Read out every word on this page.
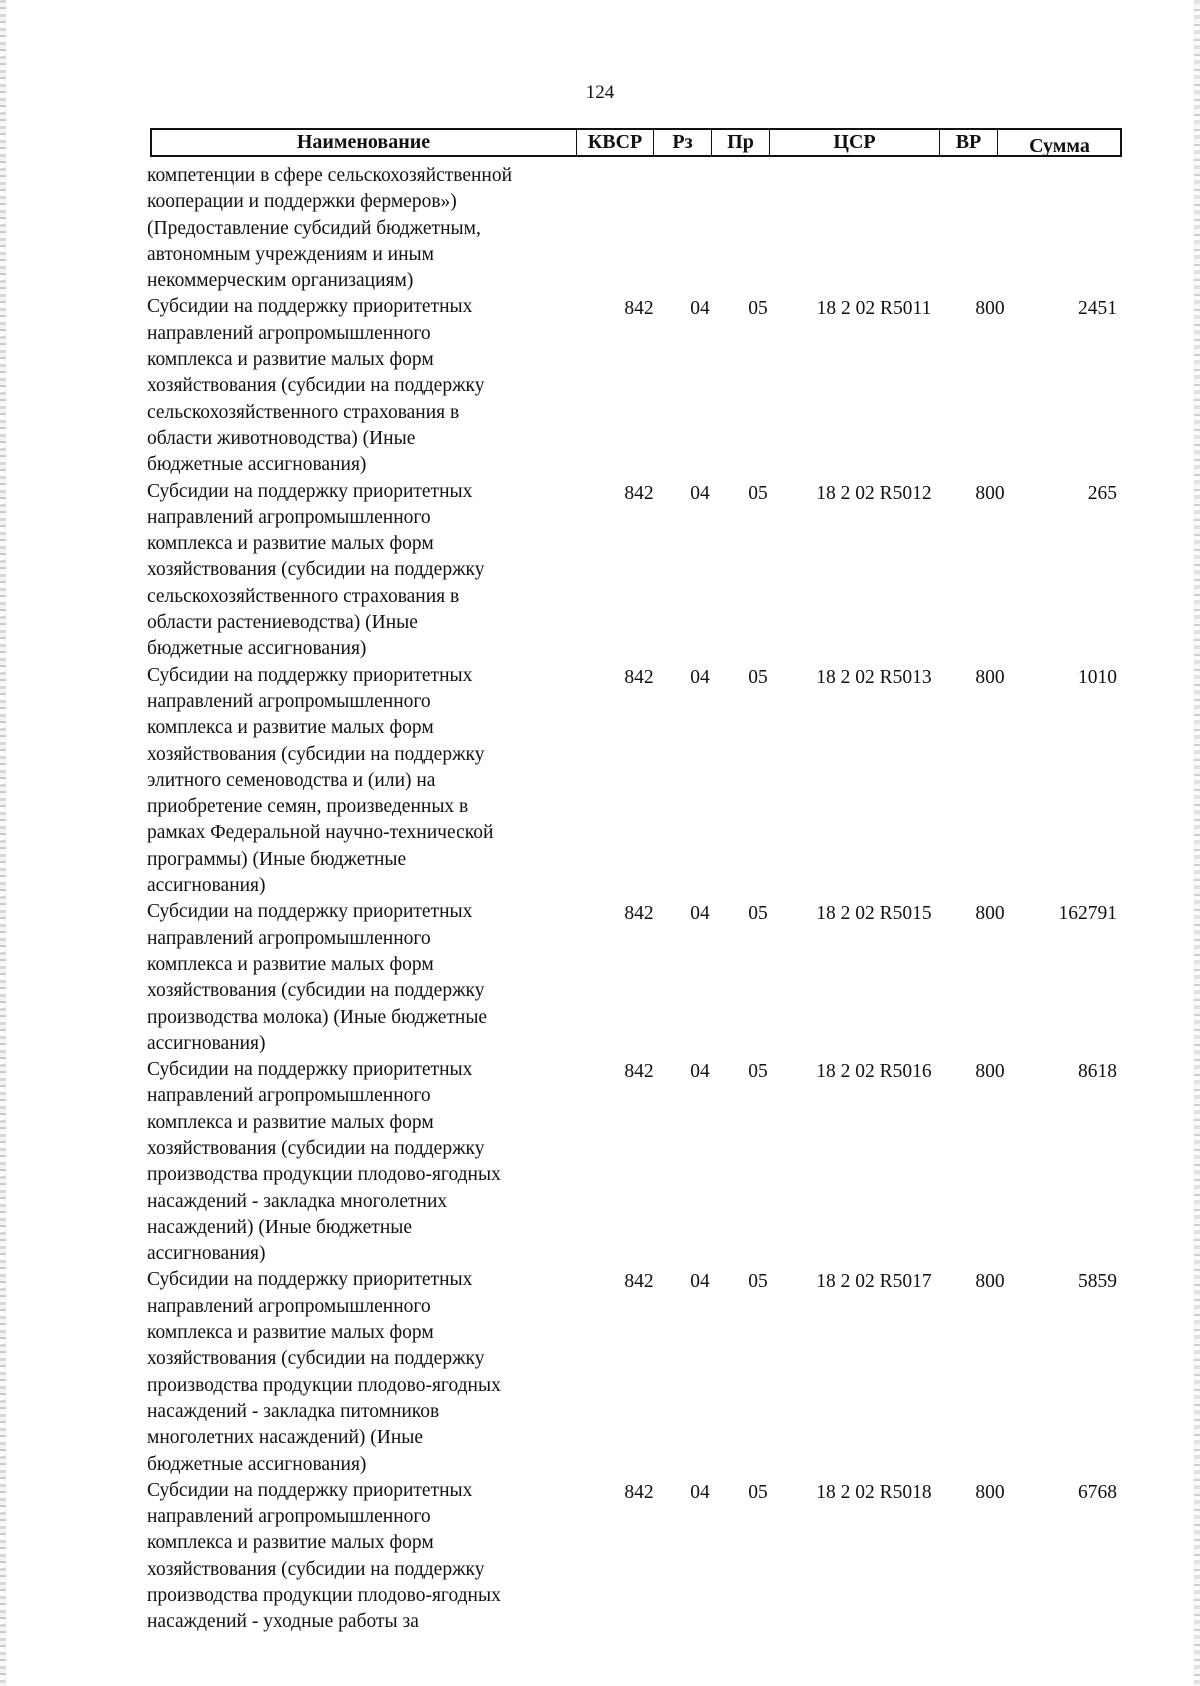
124
Наименование	КВСР	Рз	Пр	ЦСР	ВР	Сумма
компетенции в сфере сельскохозяйственной
кооперации и поддержки фермеров»)
(Предоставление субсидий бюджетным,
автономным учреждениям и иным
некоммерческим организациям)
Субсидии на поддержку приоритетных
направлений агропромышленного
комплекса и развитие малых форм
хозяйствования (субсидии на поддержку
сельскохозяйственного страхования в
области животноводства) (Иные
бюджетные ассигнования)
842	04	05	18 2 02 R5011	800	2451
Субсидии на поддержку приоритетных
направлений агропромышленного
комплекса и развитие малых форм
хозяйствования (субсидии на поддержку
сельскохозяйственного страхования в
области растениеводства) (Иные
бюджетные ассигнования)
842	04	05	18 2 02 R5012	800	265
Субсидии на поддержку приоритетных
направлений агропромышленного
комплекса и развитие малых форм
хозяйствования (субсидии на поддержку
элитного семеноводства и (или) на
приобретение семян, произведенных в
рамках Федеральной научно-технической
программы) (Иные бюджетные
ассигнования)
842	04	05	18 2 02 R5013	800	1010
Субсидии на поддержку приоритетных
направлений агропромышленного
комплекса и развитие малых форм
хозяйствования (субсидии на поддержку
производства молока) (Иные бюджетные
ассигнования)
842	04	05	18 2 02 R5015	800	162791
Субсидии на поддержку приоритетных
направлений агропромышленного
комплекса и развитие малых форм
хозяйствования (субсидии на поддержку
производства продукции плодово-ягодных
насаждений - закладка многолетних
насаждений) (Иные бюджетные
ассигнования)
842	04	05	18 2 02 R5016	800	8618
Субсидии на поддержку приоритетных
направлений агропромышленного
комплекса и развитие малых форм
хозяйствования (субсидии на поддержку
производства продукции плодово-ягодных
насаждений - закладка питомников
многолетних насаждений) (Иные
бюджетные ассигнования)
842	04	05	18 2 02 R5017	800	5859
Субсидии на поддержку приоритетных
направлений агропромышленного
комплекса и развитие малых форм
хозяйствования (субсидии на поддержку
производства продукции плодово-ягодных
насаждений - уходные работы за
842	04	05	18 2 02 R5018	800	6768
